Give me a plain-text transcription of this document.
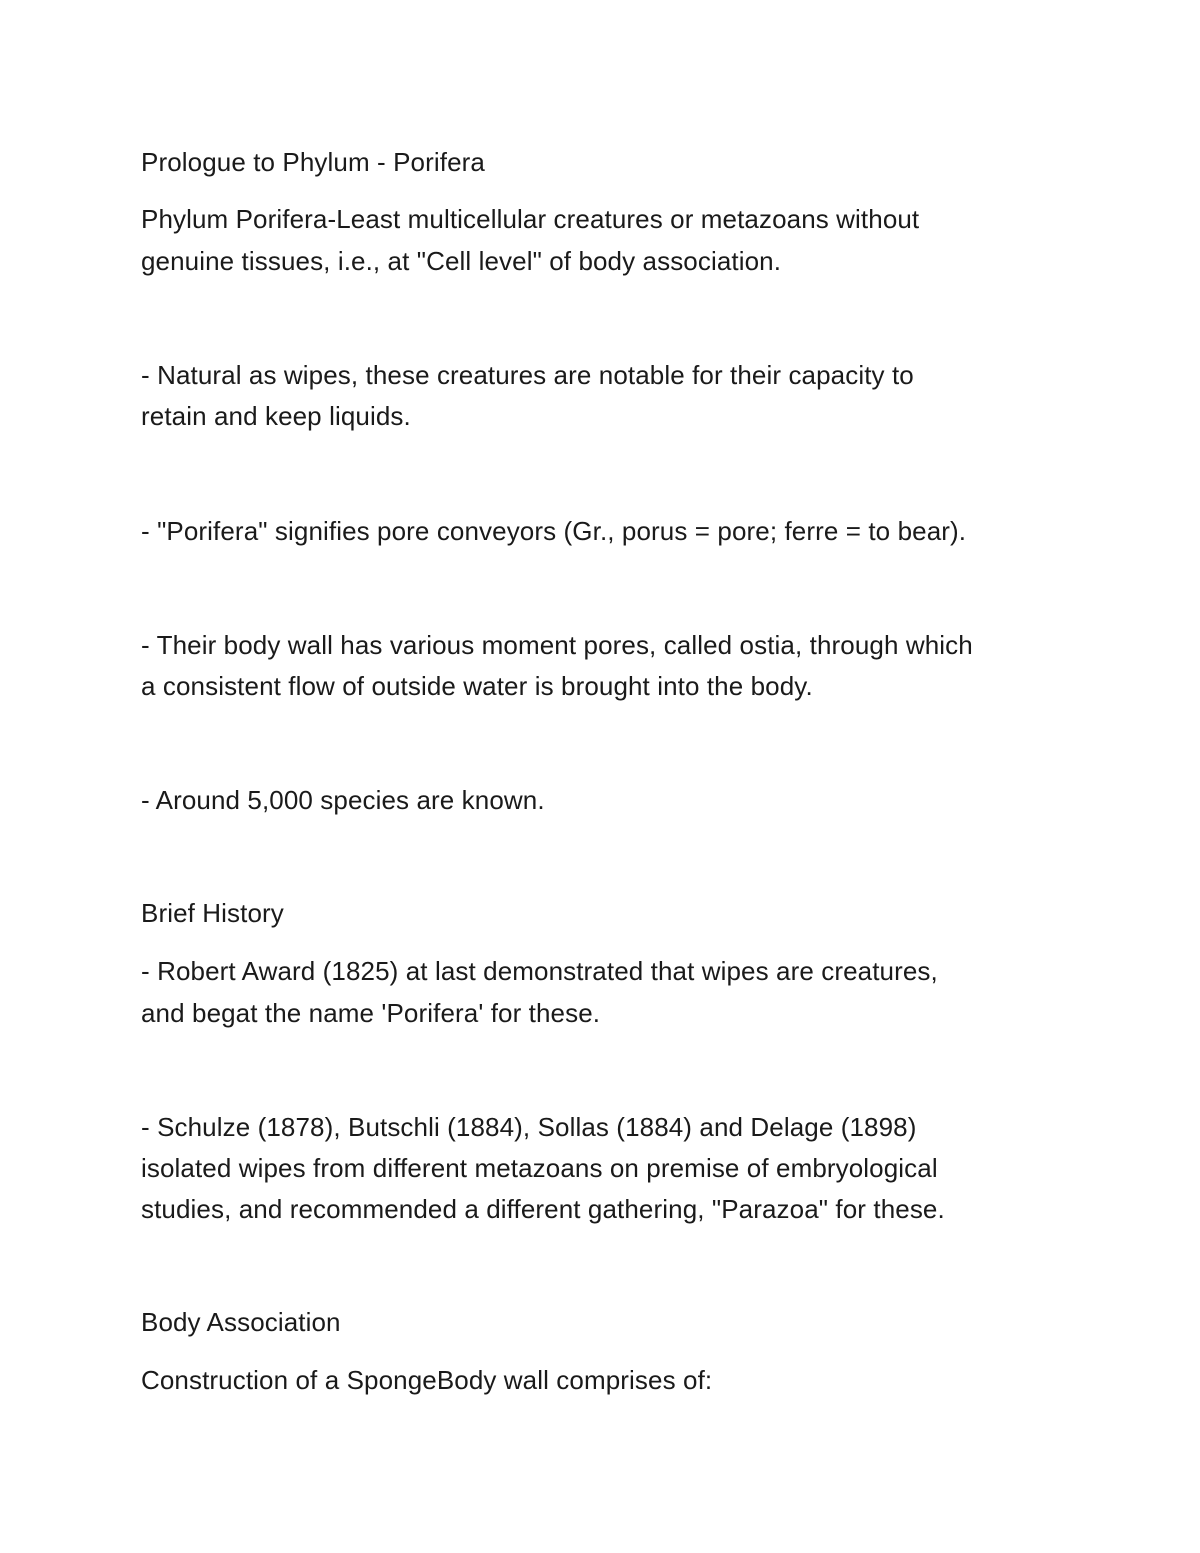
Prologue to Phylum - Porifera
Phylum Porifera-Least multicellular creatures or metazoans without
genuine tissues, i.e., at "Cell level" of body association.
- Natural as wipes, these creatures are notable for their capacity to
retain and keep liquids.
- "Porifera" signifies pore conveyors (Gr., porus = pore; ferre = to bear).
- Their body wall has various moment pores, called ostia, through which
a consistent flow of outside water is brought into the body.
- Around 5,000 species are known.
Brief History
- Robert Award (1825) at last demonstrated that wipes are creatures,
and begat the name 'Porifera' for these.
- Schulze (1878), Butschli (1884), Sollas (1884) and Delage (1898)
isolated wipes from different metazoans on premise of embryological
studies, and recommended a different gathering, "Parazoa" for these.
Body Association
Construction of a SpongeBody wall comprises of:
